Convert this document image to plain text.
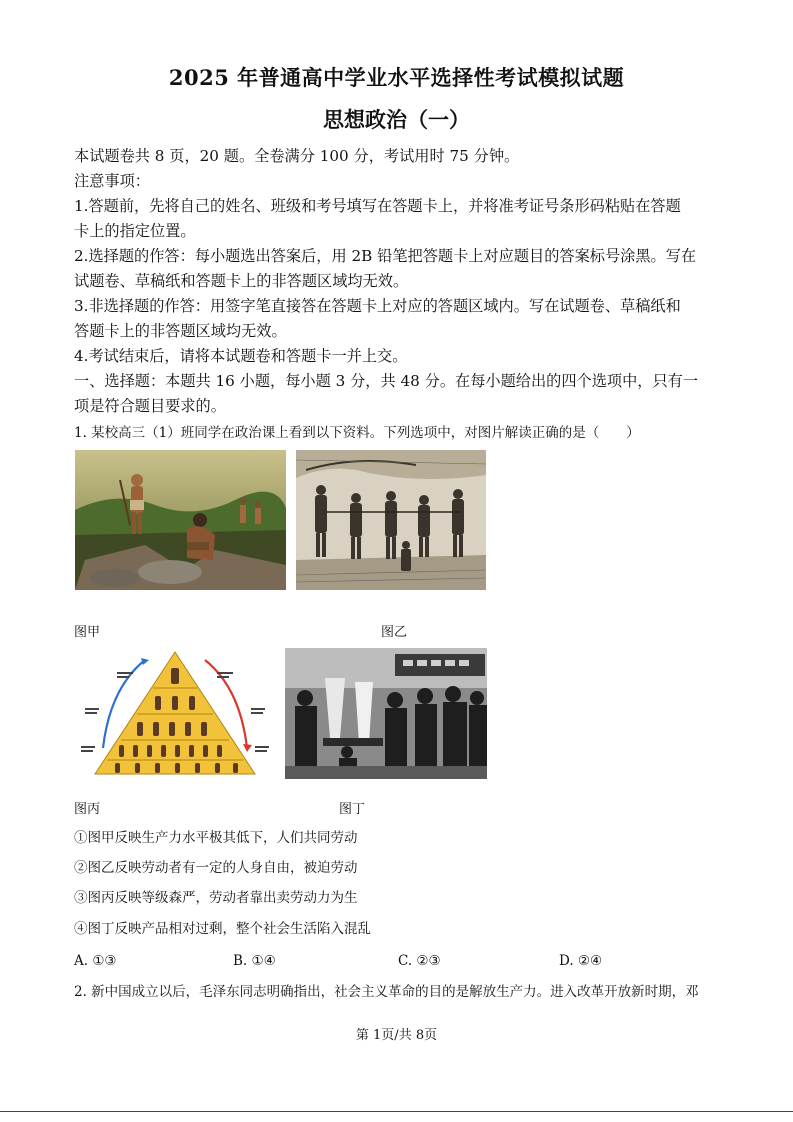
2025 年普通高中学业水平选择性考试模拟试题
思想政治（一）
本试题卷共 8 页，20 题。全卷满分 100 分，考试用时 75 分钟。
注意事项：
1.答题前，先将自己的姓名、班级和考号填写在答题卡上，并将准考证号条形码粘贴在答题
卡上的指定位置。
2.选择题的作答：每小题选出答案后，用 2B 铅笔把答题卡上对应题目的答案标号涂黑。写在
试题卷、草稿纸和答题卡上的非答题区域均无效。
3.非选择题的作答：用签字笔直接答在答题卡上对应的答题区域内。写在试题卷、草稿纸和
答题卡上的非答题区域均无效。
4.考试结束后，请将本试题卷和答题卡一并上交。
一、选择题：本题共 16 小题，每小题 3 分，共 48 分。在每小题给出的四个选项中，只有一
项是符合题目要求的。
1. 某校高三（1）班同学在政治课上看到以下资料。下列选项中，对图片解读正确的是（　　）
图甲	图乙
图丙	图丁
①图甲反映生产力水平极其低下，人们共同劳动
②图乙反映劳动者有一定的人身自由，被迫劳动
③图丙反映等级森严，劳动者靠出卖劳动力为生
④图丁反映产品相对过剩，整个社会生活陷入混乱
A. ①③	B. ①④	C. ②③	D. ②④
2. 新中国成立以后，毛泽东同志明确指出，社会主义革命的目的是解放生产力。进入改革开放新时期，邓
第 1页/共 8页
